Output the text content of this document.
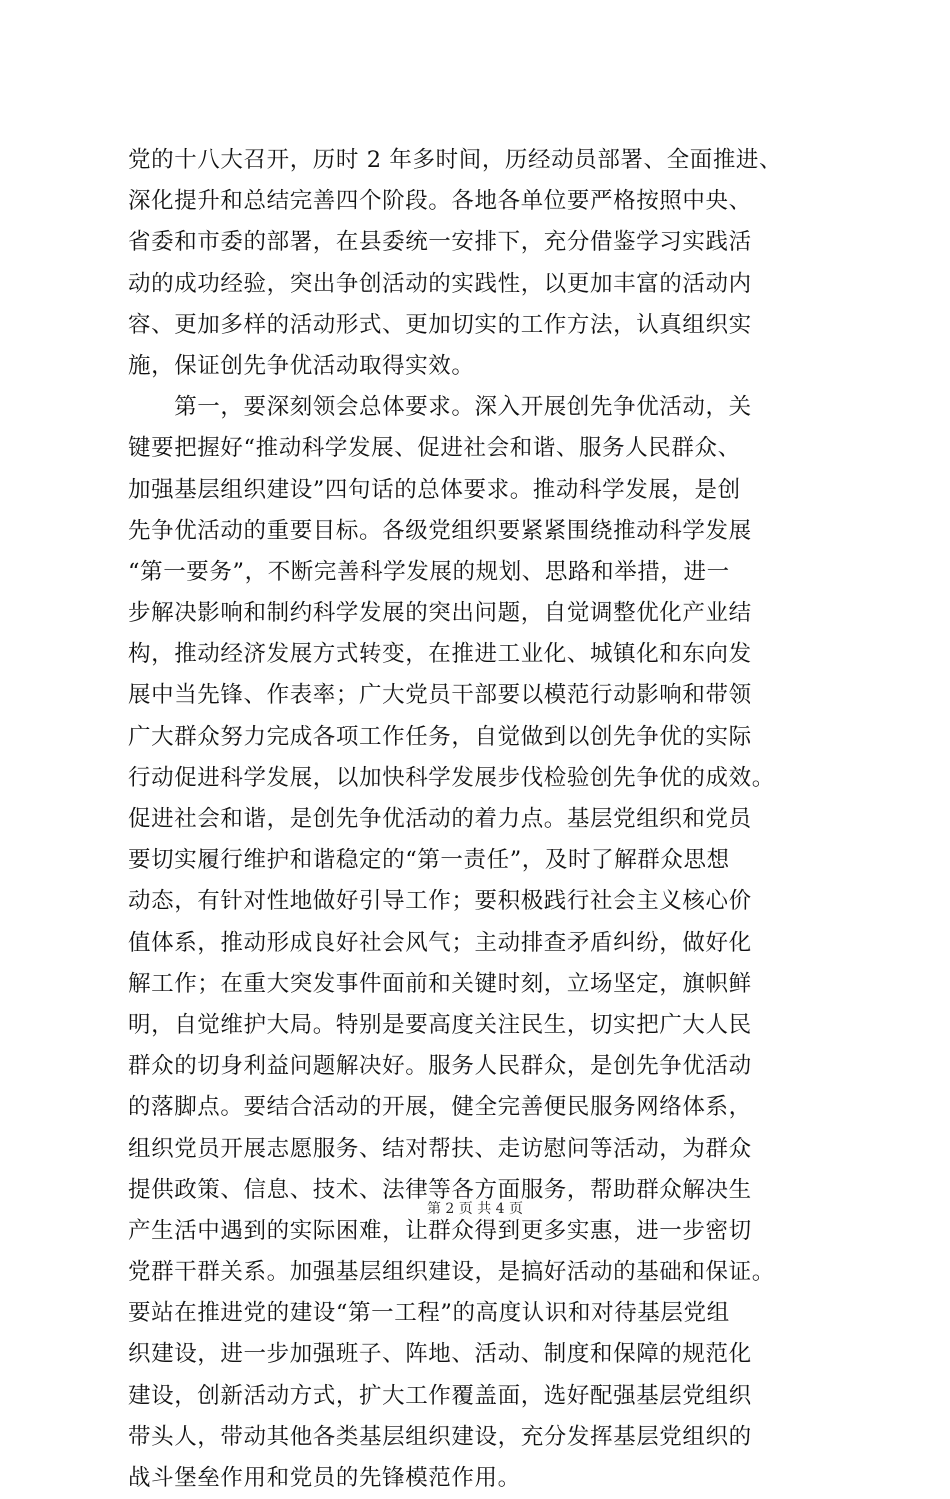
党的十八大召开，历时 2 年多时间，历经动员部署、全面推进、
深化提升和总结完善四个阶段。各地各单位要严格按照中央、
省委和市委的部署，在县委统一安排下，充分借鉴学习实践活
动的成功经验，突出争创活动的实践性，以更加丰富的活动内
容、更加多样的活动形式、更加切实的工作方法，认真组织实
施，保证创先争优活动取得实效。
　　第一，要深刻领会总体要求。深入开展创先争优活动，关
键要把握好“推动科学发展、促进社会和谐、服务人民群众、
加强基层组织建设”四句话的总体要求。推动科学发展，是创
先争优活动的重要目标。各级党组织要紧紧围绕推动科学发展
“第一要务”，不断完善科学发展的规划、思路和举措，进一
步解决影响和制约科学发展的突出问题，自觉调整优化产业结
构，推动经济发展方式转变，在推进工业化、城镇化和东向发
展中当先锋、作表率；广大党员干部要以模范行动影响和带领
广大群众努力完成各项工作任务，自觉做到以创先争优的实际
行动促进科学发展，以加快科学发展步伐检验创先争优的成效。
促进社会和谐，是创先争优活动的着力点。基层党组织和党员
要切实履行维护和谐稳定的“第一责任”，及时了解群众思想
动态，有针对性地做好引导工作；要积极践行社会主义核心价
值体系，推动形成良好社会风气；主动排查矛盾纠纷，做好化
解工作；在重大突发事件面前和关键时刻，立场坚定，旗帜鲜
明，自觉维护大局。特别是要高度关注民生，切实把广大人民
群众的切身利益问题解决好。服务人民群众，是创先争优活动
的落脚点。要结合活动的开展，健全完善便民服务网络体系，
组织党员开展志愿服务、结对帮扶、走访慰问等活动，为群众
提供政策、信息、技术、法律等各方面服务，帮助群众解决生
产生活中遇到的实际困难，让群众得到更多实惠，进一步密切
党群干群关系。加强基层组织建设，是搞好活动的基础和保证。
要站在推进党的建设“第一工程”的高度认识和对待基层党组
织建设，进一步加强班子、阵地、活动、制度和保障的规范化
建设，创新活动方式，扩大工作覆盖面，选好配强基层党组织
带头人，带动其他各类基层组织建设，充分发挥基层党组织的
战斗堡垒作用和党员的先锋模范作用。
第 2 页 共 4 页
